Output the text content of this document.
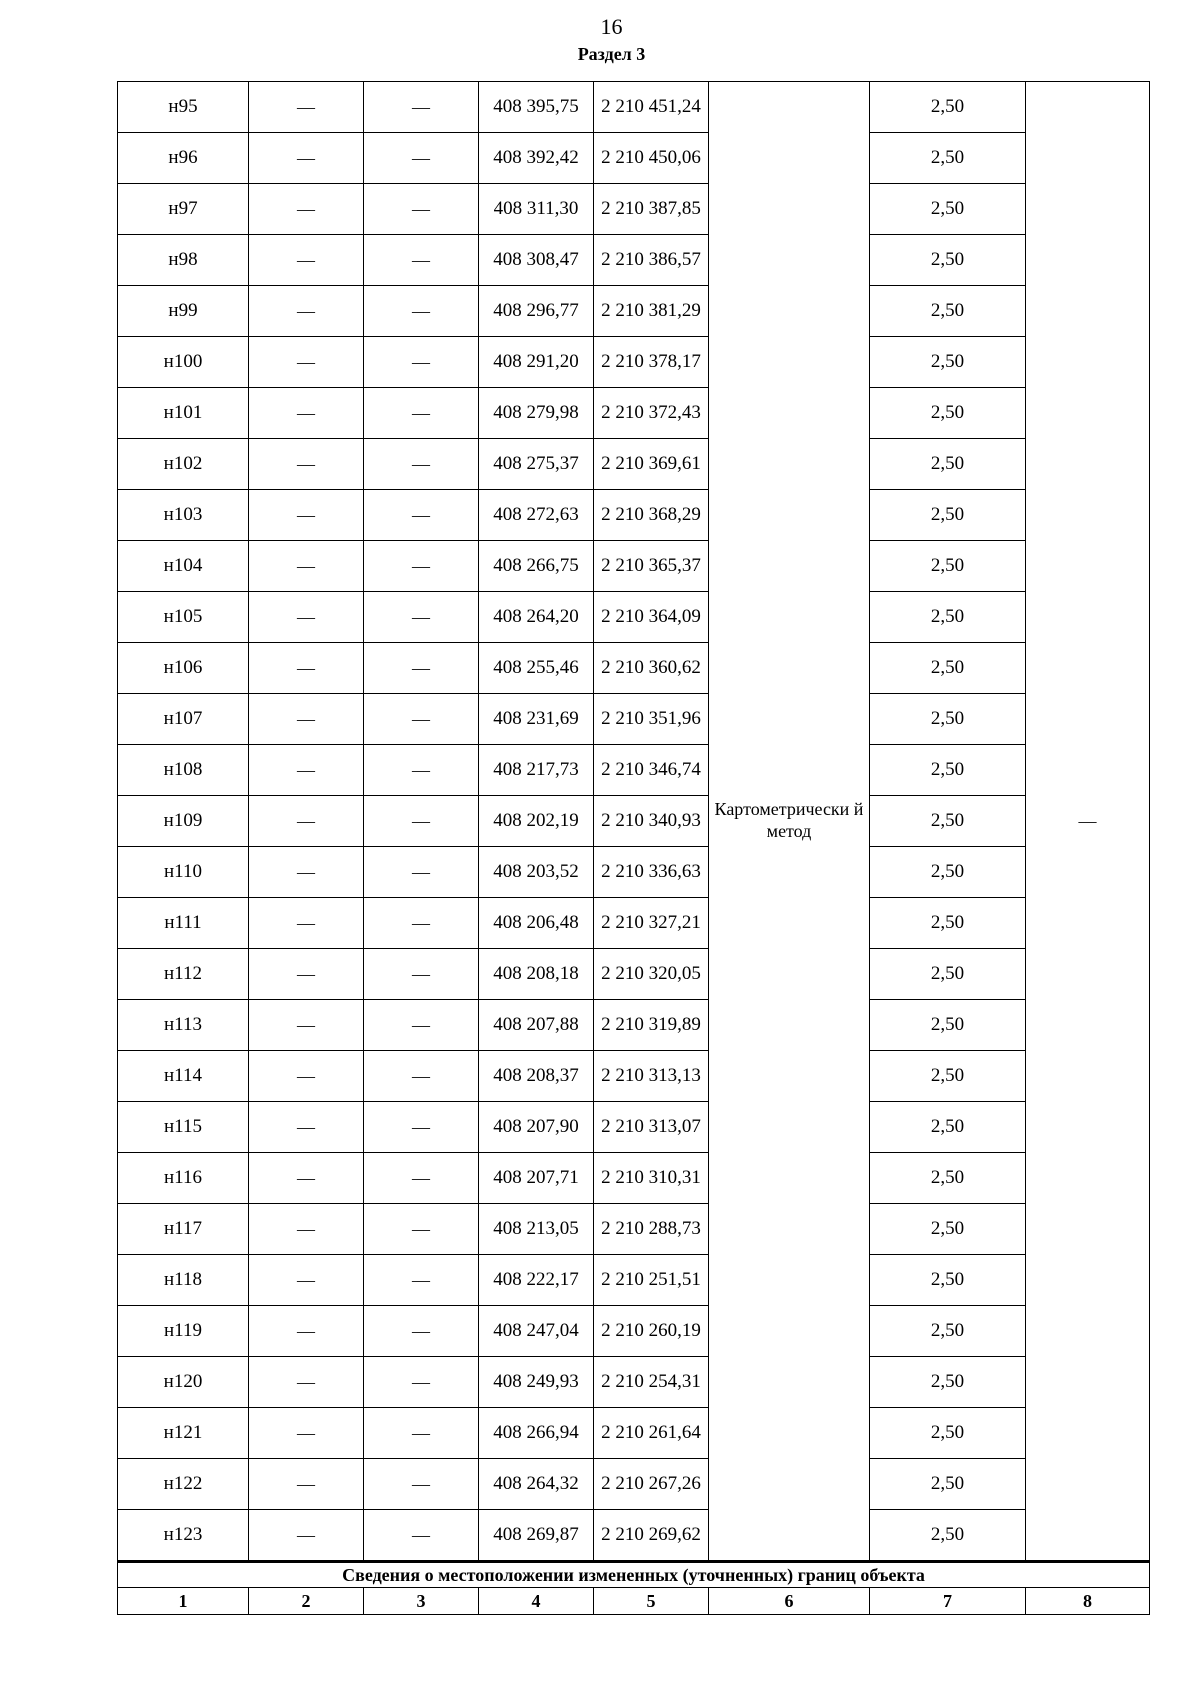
16
Раздел 3
н95	—	—	408 395,75	2 210 451,24	Картометрически й метод	2,50	—
н96	—	—	408 392,42	2 210 450,06		2,50	
н97	—	—	408 311,30	2 210 387,85		2,50	
н98	—	—	408 308,47	2 210 386,57		2,50	
н99	—	—	408 296,77	2 210 381,29		2,50	
н100	—	—	408 291,20	2 210 378,17		2,50	
н101	—	—	408 279,98	2 210 372,43		2,50	
н102	—	—	408 275,37	2 210 369,61		2,50	
н103	—	—	408 272,63	2 210 368,29		2,50	
н104	—	—	408 266,75	2 210 365,37		2,50	
н105	—	—	408 264,20	2 210 364,09		2,50	
н106	—	—	408 255,46	2 210 360,62		2,50	
н107	—	—	408 231,69	2 210 351,96		2,50	
н108	—	—	408 217,73	2 210 346,74		2,50	
н109	—	—	408 202,19	2 210 340,93		2,50	
н110	—	—	408 203,52	2 210 336,63		2,50	
н111	—	—	408 206,48	2 210 327,21		2,50	
н112	—	—	408 208,18	2 210 320,05		2,50	
н113	—	—	408 207,88	2 210 319,89		2,50	
н114	—	—	408 208,37	2 210 313,13		2,50	
н115	—	—	408 207,90	2 210 313,07		2,50	
н116	—	—	408 207,71	2 210 310,31		2,50	
н117	—	—	408 213,05	2 210 288,73		2,50	
н118	—	—	408 222,17	2 210 251,51		2,50	
н119	—	—	408 247,04	2 210 260,19		2,50	
н120	—	—	408 249,93	2 210 254,31		2,50	
н121	—	—	408 266,94	2 210 261,64		2,50	
н122	—	—	408 264,32	2 210 267,26		2,50	
н123	—	—	408 269,87	2 210 269,62		2,50	
Сведения о местоположении измененных (уточненных) границ объекта							
1	2	3	4	5	6	7	8
